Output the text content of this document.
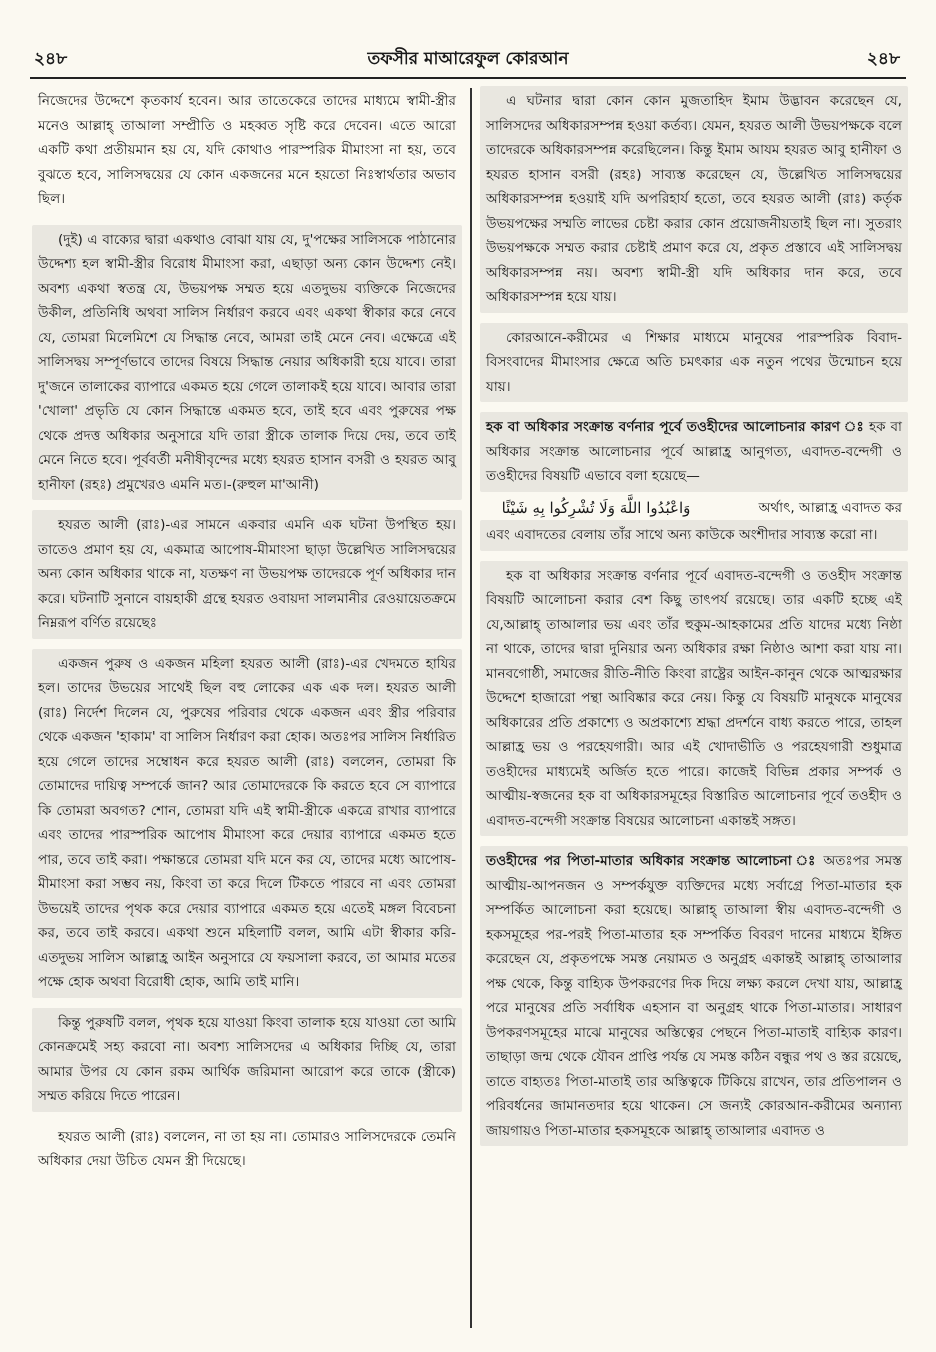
২৪৮	তফসীর মাআরেফুল কোরআন	২৪৮

নিজেদের উদ্দেশে কৃতকার্য হবেন। আর তাতেকেরে তাদের মাধ্যমে স্বামী-স্ত্রীর মনেও আল্লাহ্ তাআলা সম্প্রীতি ও মহব্বত সৃষ্টি করে দেবেন। এতে আরো একটি কথা প্রতীয়মান হয় যে, যদি কোথাও পারস্পরিক মীমাংসা না হয়, তবে বুঝতে হবে, সালিসদ্বয়ের যে কোন একজনের মনে হয়তো নিঃস্বার্থতার অভাব ছিল।

(দুই) এ বাক্যের দ্বারা একথাও বোঝা যায় যে, দু'পক্ষের সালিসকে পাঠানোর উদ্দেশ্য হল স্বামী-স্ত্রীর বিরোধ মীমাংসা করা, এছাড়া অন্য কোন উদ্দেশ্য নেই। অবশ্য একথা স্বতন্ত্র যে, উভয়পক্ষ সম্মত হয়ে এতদুভয় ব্যক্তিকে নিজেদের উকীল, প্রতিনিধি অথবা সালিস নির্ধারণ করবে এবং একথা স্বীকার করে নেবে যে, তোমরা মিলেমিশে যে সিদ্ধান্ত নেবে, আমরা তাই মেনে নেব। এক্ষেত্রে এই সালিসদ্বয় সম্পূর্ণভাবে তাদের বিষয়ে সিদ্ধান্ত নেয়ার অধিকারী হয়ে যাবে। তারা দু'জনে তালাকের ব্যাপারে একমত হয়ে গেলে তালাকই হয়ে যাবে। আবার তারা 'খোলা' প্রভৃতি যে কোন সিদ্ধান্তে একমত হবে, তাই হবে এবং পুরুষের পক্ষ থেকে প্রদত্ত অধিকার অনুসারে যদি তারা স্ত্রীকে তালাক দিয়ে দেয়, তবে তাই মেনে নিতে হবে। পূর্ববর্তী মনীষীবৃন্দের মধ্যে হযরত হাসান বসরী ও হযরত আবু হানীফা (রহঃ) প্রমুখেরও এমনি মত।-(রুহুল মা'আনী)

হযরত আলী (রাঃ)-এর সামনে একবার এমনি এক ঘটনা উপস্থিত হয়। তাতেও প্রমাণ হয় যে, একমাত্র আপোষ-মীমাংসা ছাড়া উল্লেখিত সালিসদ্বয়ের অন্য কোন অধিকার থাকে না, যতক্ষণ না উভয়পক্ষ তাদেরকে পূর্ণ অধিকার দান করে। ঘটনাটি সুনানে বায়হাকী গ্রন্থে হযরত ওবায়দা সালমানীর রেওয়ায়েতক্রমে নিম্নরূপ বর্ণিত রয়েছেঃ

একজন পুরুষ ও একজন মহিলা হযরত আলী (রাঃ)-এর খেদমতে হাযির হল। তাদের উভয়ের সাথেই ছিল বহু লোকের এক এক দল। হযরত আলী (রাঃ) নির্দেশ দিলেন যে, পুরুষের পরিবার থেকে একজন এবং স্ত্রীর পরিবার থেকে একজন 'হাকাম' বা সালিস নির্ধারণ করা হোক। অতঃপর সালিস নির্ধারিত হয়ে গেলে তাদের সম্বোধন করে হযরত আলী (রাঃ) বললেন, তোমরা কি তোমাদের দায়িত্ব সম্পর্কে জান? আর তোমাদেরকে কি করতে হবে সে ব্যাপারে কি তোমরা অবগত? শোন, তোমরা যদি এই স্বামী-স্ত্রীকে একত্রে রাখার ব্যাপারে এবং তাদের পারস্পরিক আপোষ মীমাংসা করে দেয়ার ব্যাপারে একমত হতে পার, তবে তাই করা। পক্ষান্তরে তোমরা যদি মনে কর যে, তাদের মধ্যে আপোষ-মীমাংসা করা সম্ভব নয়, কিংবা তা করে দিলে টিকতে পারবে না এবং তোমরা উভয়েই তাদের পৃথক করে দেয়ার ব্যাপারে একমত হয়ে এতেই মঙ্গল বিবেচনা কর, তবে তাই করবে। একথা শুনে মহিলাটি বলল, আমি এটা স্বীকার করি- এতদুভয় সালিস আল্লাহ্র আইন অনুসারে যে ফয়সালা করবে, তা আমার মতের পক্ষে হোক অথবা বিরোধী হোক, আমি তাই মানি।

কিন্তু পুরুষটি বলল, পৃথক হয়ে যাওয়া কিংবা তালাক হয়ে যাওয়া তো আমি কোনক্রমেই সহ্য করবো না। অবশ্য সালিসদের এ অধিকার দিচ্ছি যে, তারা আমার উপর যে কোন রকম আর্থিক জরিমানা আরোপ করে তাকে (স্ত্রীকে) সম্মত করিয়ে দিতে পারেন।

হযরত আলী (রাঃ) বললেন, না তা হয় না। তোমারও সালিসদেরকে তেমনি অধিকার দেয়া উচিত যেমন স্ত্রী দিয়েছে।

এ ঘটনার দ্বারা কোন কোন মুজতাহিদ ইমাম উদ্ভাবন করেছেন যে, সালিসদের অধিকারসম্পন্ন হওয়া কর্তব্য। যেমন, হযরত আলী উভয়পক্ষকে বলে তাদেরকে অধিকারসম্পন্ন করেছিলেন। কিন্তু ইমাম আযম হযরত আবু হানীফা ও হযরত হাসান বসরী (রহঃ) সাব্যস্ত করেছেন যে, উল্লেখিত সালিসদ্বয়ের অধিকারসম্পন্ন হওয়াই যদি অপরিহার্য হতো, তবে হযরত আলী (রাঃ) কর্তৃক উভয়পক্ষের সম্মতি লাভের চেষ্টা করার কোন প্রয়োজনীয়তাই ছিল না। সুতরাং উভয়পক্ষকে সম্মত করার চেষ্টাই প্রমাণ করে যে, প্রকৃত প্রস্তাবে এই সালিসদ্বয় অধিকারসম্পন্ন নয়। অবশ্য স্বামী-স্ত্রী যদি অধিকার দান করে, তবে অধিকারসম্পন্ন হয়ে যায়।

কোরআনে-করীমের এ শিক্ষার মাধ্যমে মানুষের পারস্পরিক বিবাদ-বিসংবাদের মীমাংসার ক্ষেত্রে অতি চমৎকার এক নতুন পথের উন্মোচন হয়ে যায়।

হক বা অধিকার সংক্রান্ত বর্ণনার পূর্বে তওহীদের আলোচনার কারণ ঃ হক বা অধিকার সংক্রান্ত আলোচনার পূর্বে আল্লাহ্র আনুগত্য, এবাদত-বন্দেগী ও তওহীদের বিষয়টি এভাবে বলা হয়েছে—

وَاعْبُدُوا اللَّهَ وَلَا تُشْرِكُوا بِهِ شَيْئًا	অর্থাৎ, আল্লাহ্র এবাদত কর

এবং এবাদতের বেলায় তাঁর সাথে অন্য কাউকে অংশীদার সাব্যস্ত করো না।

হক বা অধিকার সংক্রান্ত বর্ণনার পূর্বে এবাদত-বন্দেগী ও তওহীদ সংক্রান্ত বিষয়টি আলোচনা করার বেশ কিছু তাৎপর্য রয়েছে। তার একটি হচ্ছে এই যে,আল্লাহ্ তাআলার ভয় এবং তাঁর হুকুম-আহকামের প্রতি যাদের মধ্যে নিষ্ঠা না থাকে, তাদের দ্বারা দুনিয়ার অন্য অধিকার রক্ষা নিষ্ঠাও আশা করা যায় না। মানবগোষ্ঠী, সমাজের রীতি-নীতি কিংবা রাষ্ট্রের আইন-কানুন থেকে আত্মরক্ষার উদ্দেশে হাজারো পন্থা আবিষ্কার করে নেয়। কিন্তু যে বিষয়টি মানুষকে মানুষের অধিকারের প্রতি প্রকাশ্যে ও অপ্রকাশ্যে শ্রদ্ধা প্রদর্শনে বাধ্য করতে পারে, তাহল আল্লাহ্র ভয় ও পরহেযগারী। আর এই খোদাভীতি ও পরহেযগারী শুধুমাত্র তওহীদের মাধ্যমেই অর্জিত হতে পারে। কাজেই বিভিন্ন প্রকার সম্পর্ক ও আত্মীয়-স্বজনের হক বা অধিকারসমূহের বিস্তারিত আলোচনার পূর্বে তওহীদ ও এবাদত-বন্দেগী সংক্রান্ত বিষয়ের আলোচনা একান্তই সঙ্গত।

তওহীদের পর পিতা-মাতার অধিকার সংক্রান্ত আলোচনা ঃ অতঃপর সমস্ত আত্মীয়-আপনজন ও সম্পর্কযুক্ত ব্যক্তিদের মধ্যে সর্বাগ্রে পিতা-মাতার হক সম্পর্কিত আলোচনা করা হয়েছে। আল্লাহ্ তাআলা স্বীয় এবাদত-বন্দেগী ও হকসমূহের পর-পরই পিতা-মাতার হক সম্পর্কিত বিবরণ দানের মাধ্যমে ইঙ্গিত করেছেন যে, প্রকৃতপক্ষে সমস্ত নেয়ামত ও অনুগ্রহ একান্তই আল্লাহ্ তাআলার পক্ষ থেকে, কিন্তু বাহ্যিক উপকরণের দিক দিয়ে লক্ষ্য করলে দেখা যায়, আল্লাহ্র পরে মানুষের প্রতি সর্বাধিক এহসান বা অনুগ্রহ থাকে পিতা-মাতার। সাধারণ উপকরণসমূহের মাঝে মানুষের অস্তিত্বের পেছনে পিতা-মাতাই বাহ্যিক কারণ। তাছাড়া জন্ম থেকে যৌবন প্রাপ্তি পর্যন্ত যে সমস্ত কঠিন বন্ধুর পথ ও স্তর রয়েছে, তাতে বাহ্যতঃ পিতা-মাতাই তার অস্তিত্বকে টিকিয়ে রাখেন, তার প্রতিপালন ও পরিবর্ধনের জামানতদার হয়ে থাকেন। সে জন্যই কোরআন-করীমের অন্যান্য জায়গায়ও পিতা-মাতার হকসমূহকে আল্লাহ্ তাআলার এবাদত ও
